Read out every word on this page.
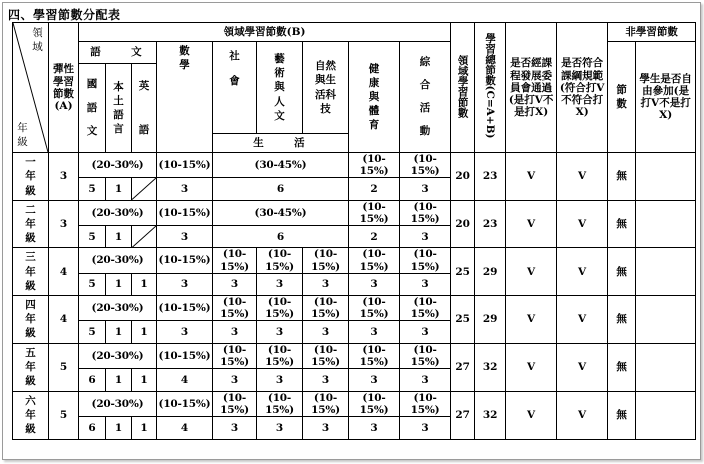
四、學習節數分配表
領域
年級	彈性學習節數(A)	領域學習節數(B)									領域學習節數	學習總節數(C=A+B)	是否經課程發展委員會通過(是打V不是打X)	是否符合課綱規範(符合打V不符合打X)	非學習節數	
		語　　文			數學	社會	藝術與人文	自然與生活科技	健康與體育	綜合活動					節數	學生是否自由參加(是打V不是打X)
		國語文	本土語言	英語												
						生　　活										
一年級	3	(20-30%)			(10-15%)	(30-45%)			(10-15%)	(10-15%)	20	23	V	V	無	
		5	1		3	6			2	3						
二年級	3	(20-30%)			(10-15%)	(30-45%)			(10-15%)	(10-15%)	20	23	V	V	無	
		5	1		3	6			2	3						
三年級	4	(20-30%)			(10-15%)	(10-15%)	(10-15%)	(10-15%)	(10-15%)	(10-15%)	25	29	V	V	無	
		5	1	1	3	3	3	3	3	3						
四年級	4	(20-30%)			(10-15%)	(10-15%)	(10-15%)	(10-15%)	(10-15%)	(10-15%)	25	29	V	V	無	
		5	1	1	3	3	3	3	3	3						
五年級	5	(20-30%)			(10-15%)	(10-15%)	(10-15%)	(10-15%)	(10-15%)	(10-15%)	27	32	V	V	無	
		6	1	1	4	3	3	3	3	3						
六年級	5	(20-30%)			(10-15%)	(10-15%)	(10-15%)	(10-15%)	(10-15%)	(10-15%)	27	32	V	V	無	
		6	1	1	4	3	3	3	3	3						
